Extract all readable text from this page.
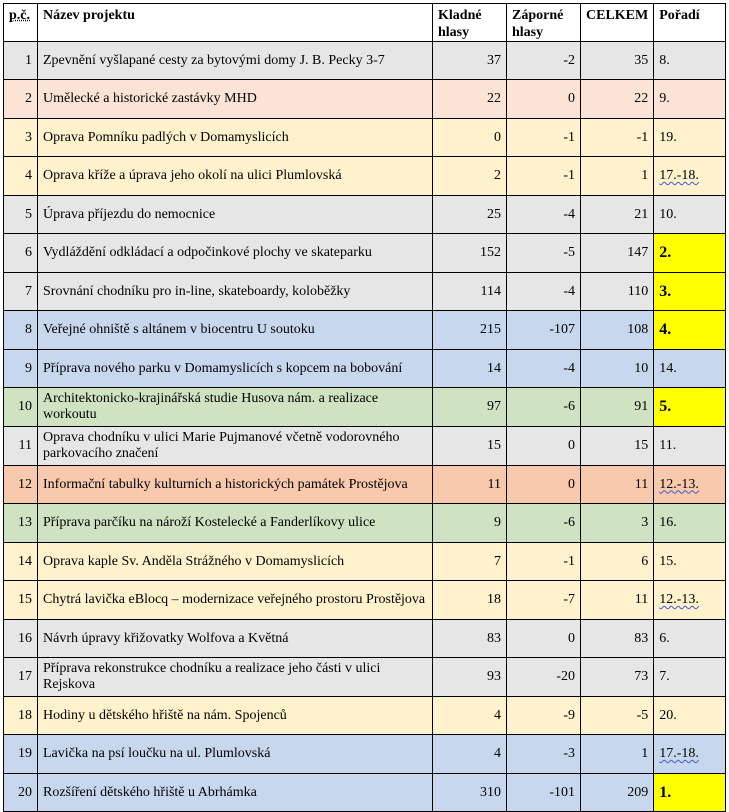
p.č.	Název projektu	Kladné hlasy	Záporné hlasy	CELKEM	Pořadí
1	Zpevnění vyšlapané cesty za bytovými domy J. B. Pecky 3-7	37	-2	35	8.
2	Umělecké a historické zastávky MHD	22	0	22	9.
3	Oprava Pomníku padlých v Domamyslicích	0	-1	-1	19.
4	Oprava kříže a úprava jeho okolí na ulici Plumlovská	2	-1	1	17.-18.
5	Úprava příjezdu do nemocnice	25	-4	21	10.
6	Vydláždění odkládací a odpočinkové plochy ve skateparku	152	-5	147	2.
7	Srovnání chodníku pro in-line, skateboardy, koloběžky	114	-4	110	3.
8	Veřejné ohniště s altánem v biocentru U soutoku	215	-107	108	4.
9	Příprava nového parku v Domamyslicích s kopcem na bobování	14	-4	10	14.
10	Architektonicko-krajinářská studie Husova nám. a realizace workoutu	97	-6	91	5.
11	Oprava chodníku v ulici Marie Pujmanové včetně vodorovného parkovacího značení	15	0	15	11.
12	Informační tabulky kulturních a historických památek Prostějova	11	0	11	12.-13.
13	Příprava parčíku na nároží Kostelecké a Fanderlíkovy ulice	9	-6	3	16.
14	Oprava kaple Sv. Anděla Strážného v Domamyslicích	7	-1	6	15.
15	Chytrá lavička eBlocq – modernizace veřejného prostoru Prostějova	18	-7	11	12.-13.
16	Návrh úpravy křižovatky Wolfova a Květná	83	0	83	6.
17	Příprava rekonstrukce chodníku a realizace jeho části v ulici Rejskova	93	-20	73	7.
18	Hodiny u dětského hřiště na nám. Spojenců	4	-9	-5	20.
19	Lavička na psí loučku na ul. Plumlovská	4	-3	1	17.-18.
20	Rozšíření dětského hřiště u Abrhámka	310	-101	209	1.
